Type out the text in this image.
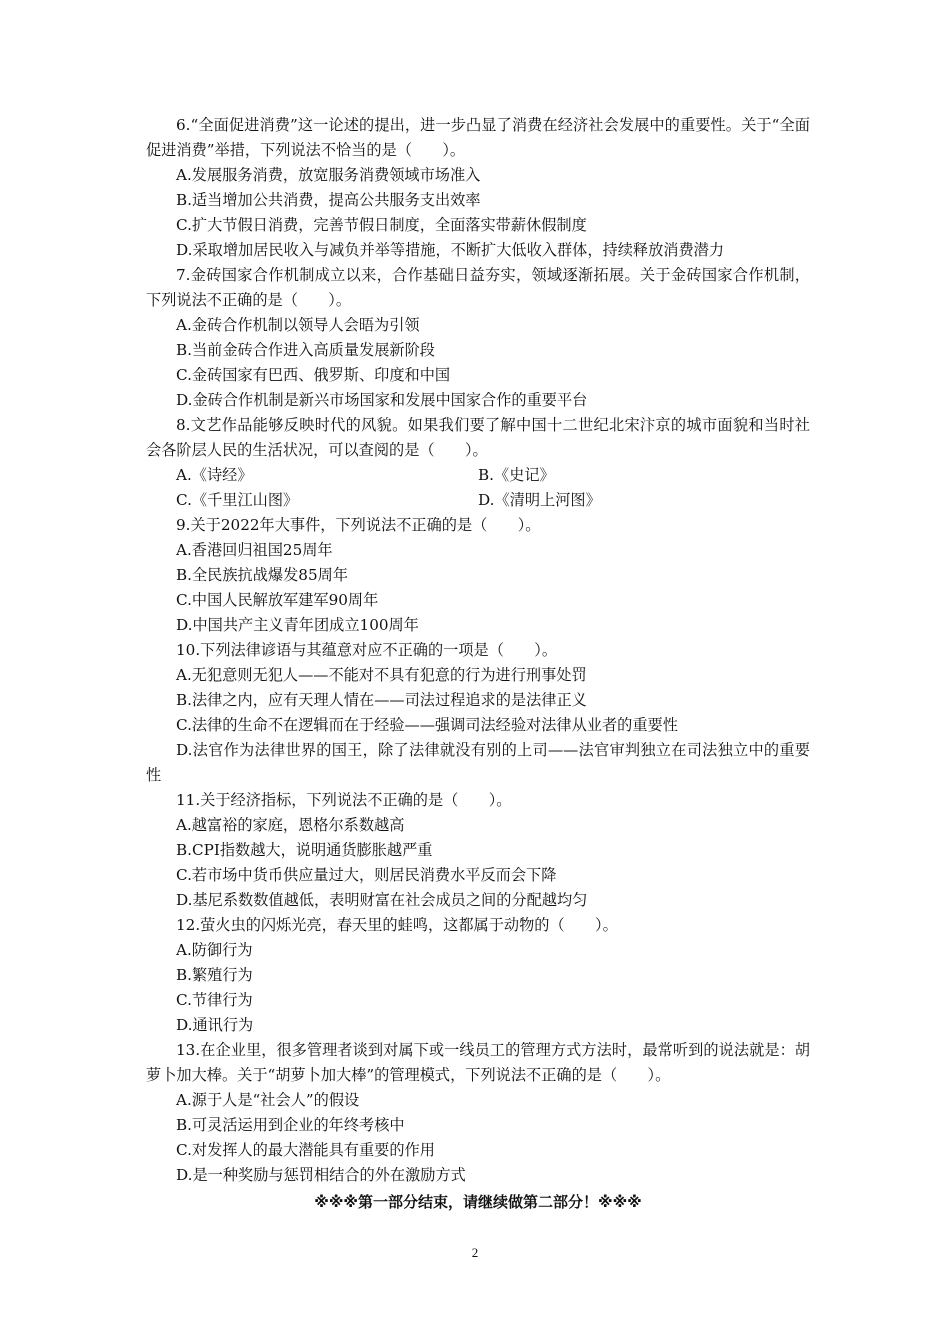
6.“全面促进消费”这一论述的提出，进一步凸显了消费在经济社会发展中的重要性。关于“全面促进消费”举措，下列说法不恰当的是（　　）。

A.发展服务消费，放宽服务消费领域市场准入

B.适当增加公共消费，提高公共服务支出效率

C.扩大节假日消费，完善节假日制度，全面落实带薪休假制度

D.采取增加居民收入与减负并举等措施，不断扩大低收入群体，持续释放消费潜力

7.金砖国家合作机制成立以来，合作基础日益夯实，领域逐渐拓展。关于金砖国家合作机制，下列说法不正确的是（　　）。

A.金砖合作机制以领导人会晤为引领

B.当前金砖合作进入高质量发展新阶段

C.金砖国家有巴西、俄罗斯、印度和中国

D.金砖合作机制是新兴市场国家和发展中国家合作的重要平台

8.文艺作品能够反映时代的风貌。如果我们要了解中国十二世纪北宋汴京的城市面貌和当时社会各阶层人民的生活状况，可以查阅的是（　　）。

A.《诗经》	B.《史记》
C.《千里江山图》	D.《清明上河图》

9.关于2022年大事件，下列说法不正确的是（　　）。

A.香港回归祖国25周年

B.全民族抗战爆发85周年

C.中国人民解放军建军90周年

D.中国共产主义青年团成立100周年

10.下列法律谚语与其蕴意对应不正确的一项是（　　）。

A.无犯意则无犯人——不能对不具有犯意的行为进行刑事处罚

B.法律之内，应有天理人情在——司法过程追求的是法律正义

C.法律的生命不在逻辑而在于经验——强调司法经验对法律从业者的重要性

D.法官作为法律世界的国王，除了法律就没有别的上司——法官审判独立在司法独立中的重要性

11.关于经济指标，下列说法不正确的是（　　）。

A.越富裕的家庭，恩格尔系数越高

B.CPI指数越大，说明通货膨胀越严重

C.若市场中货币供应量过大，则居民消费水平反而会下降

D.基尼系数数值越低，表明财富在社会成员之间的分配越均匀

12.萤火虫的闪烁光亮，春天里的蛙鸣，这都属于动物的（　　）。

A.防御行为

B.繁殖行为

C.节律行为

D.通讯行为

13.在企业里，很多管理者谈到对属下或一线员工的管理方式方法时，最常听到的说法就是：胡萝卜加大棒。关于“胡萝卜加大棒”的管理模式，下列说法不正确的是（　　）。

A.源于人是“社会人”的假设

B.可灵活运用到企业的年终考核中

C.对发挥人的最大潜能具有重要的作用

D.是一种奖励与惩罚相结合的外在激励方式

※※※第一部分结束，请继续做第二部分！※※※

2
